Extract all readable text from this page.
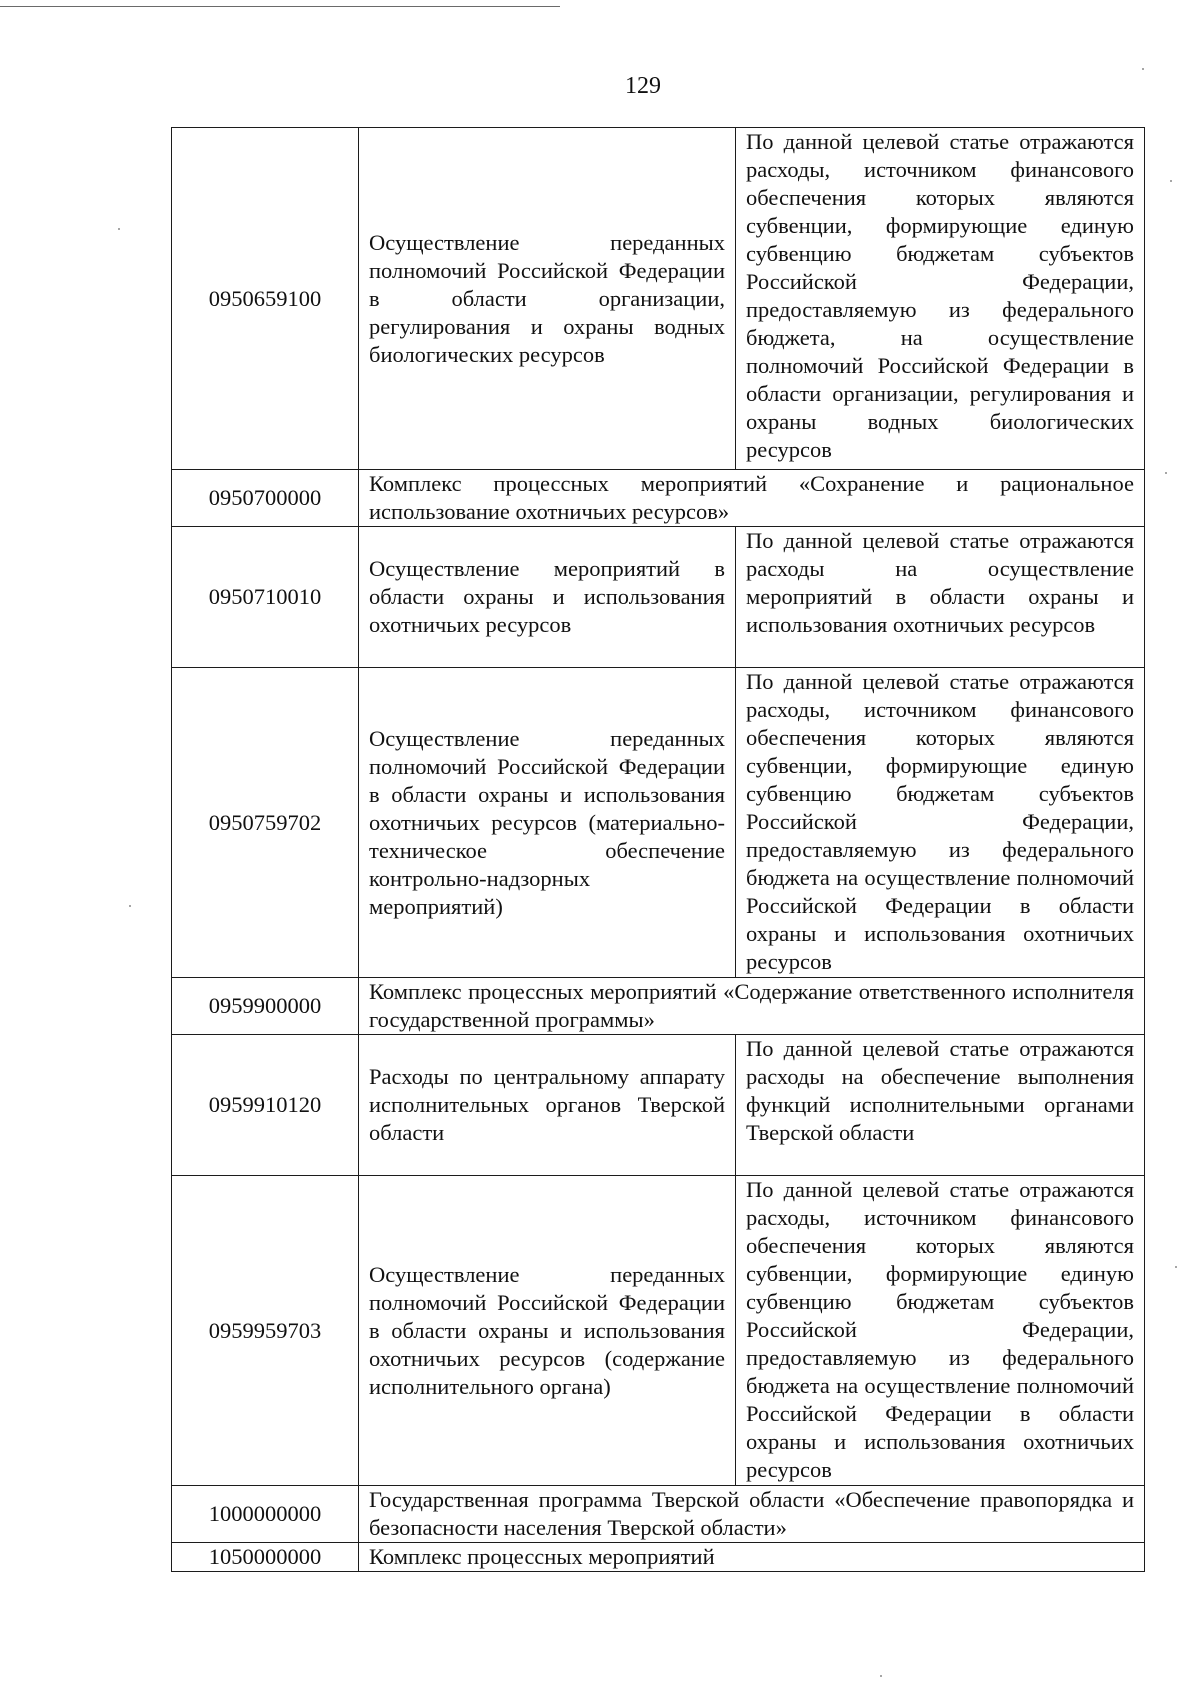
129
0950659100	Осуществление переданных полномочий Российской Федерации в области организации, регулирования и охраны водных биологических ресурсов	По данной целевой статье отражаются расходы, источником финансового обеспечения которых являются субвенции, формирующие единую субвенцию бюджетам субъектов Российской Федерации, предоставляемую из федерального бюджета, на осуществление полномочий Российской Федерации в области организации, регулирования и охраны водных биологических ресурсов
0950700000	Комплекс процессных мероприятий «Сохранение и рациональное использование охотничьих ресурсов»	
0950710010	Осуществление мероприятий в области охраны и использования охотничьих ресурсов	По данной целевой статье отражаются расходы на осуществление мероприятий в области охраны и использования охотничьих ресурсов
0950759702	Осуществление переданных полномочий Российской Федерации в области охраны и использования охотничьих ресурсов (материально-техническое обеспечение контрольно-надзорных мероприятий)	По данной целевой статье отражаются расходы, источником финансового обеспечения которых являются субвенции, формирующие единую субвенцию бюджетам субъектов Российской Федерации, предоставляемую из федерального бюджета на осуществление полномочий Российской Федерации в области охраны и использования охотничьих ресурсов
0959900000	Комплекс процессных мероприятий «Содержание ответственного исполнителя государственной программы»	
0959910120	Расходы по центральному аппарату исполнительных органов Тверской области	По данной целевой статье отражаются расходы на обеспечение выполнения функций исполнительными органами Тверской области
0959959703	Осуществление переданных полномочий Российской Федерации в области охраны и использования охотничьих ресурсов (содержание исполнительного органа)	По данной целевой статье отражаются расходы, источником финансового обеспечения которых являются субвенции, формирующие единую субвенцию бюджетам субъектов Российской Федерации, предоставляемую из федерального бюджета на осуществление полномочий Российской Федерации в области охраны и использования охотничьих ресурсов
1000000000	Государственная программа Тверской области «Обеспечение правопорядка и безопасности населения Тверской области»	
1050000000	Комплекс процессных мероприятий	
